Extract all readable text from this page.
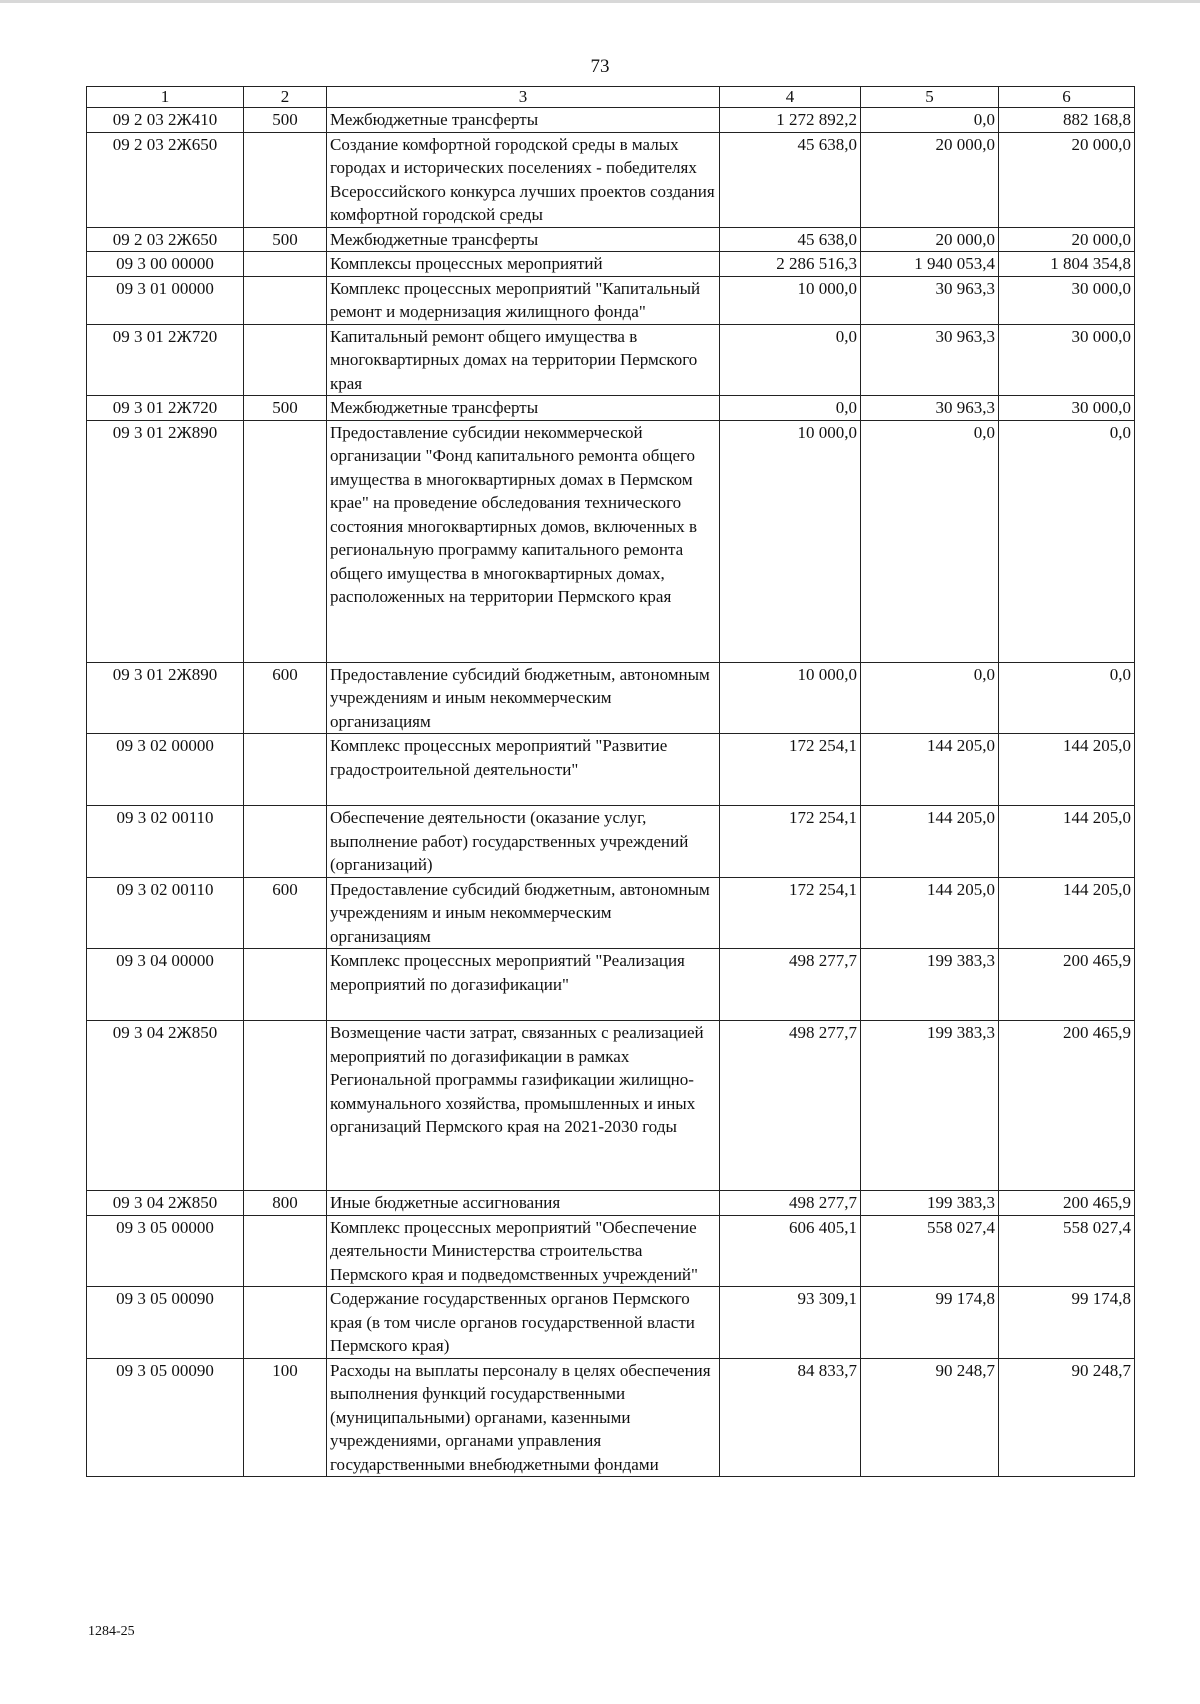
73
1	2	3	4	5	6
09 2 03 2Ж410	500	Межбюджетные трансферты	1 272 892,2	0,0	882 168,8
09 2 03 2Ж650		Создание комфортной городской среды в малых городах и исторических поселениях - победителях Всероссийского конкурса лучших проектов создания комфортной городской среды	45 638,0	20 000,0	20 000,0
09 2 03 2Ж650	500	Межбюджетные трансферты	45 638,0	20 000,0	20 000,0
09 3 00 00000		Комплексы процессных мероприятий	2 286 516,3	1 940 053,4	1 804 354,8
09 3 01 00000		Комплекс процессных мероприятий "Капитальный ремонт и модернизация жилищного фонда"	10 000,0	30 963,3	30 000,0
09 3 01 2Ж720		Капитальный ремонт общего имущества в многоквартирных домах на территории Пермского края	0,0	30 963,3	30 000,0
09 3 01 2Ж720	500	Межбюджетные трансферты	0,0	30 963,3	30 000,0
09 3 01 2Ж890		Предоставление субсидии некоммерческой организации "Фонд капитального ремонта общего имущества в многоквартирных домах в Пермском крае" на проведение обследования технического состояния многоквартирных домов, включенных в региональную программу капитального ремонта общего имущества в многоквартирных домах, расположенных на территории Пермского края	10 000,0	0,0	0,0
09 3 01 2Ж890	600	Предоставление субсидий бюджетным, автономным учреждениям и иным некоммерческим организациям	10 000,0	0,0	0,0
09 3 02 00000		Комплекс процессных мероприятий "Развитие градостроительной деятельности"	172 254,1	144 205,0	144 205,0
09 3 02 00110		Обеспечение деятельности (оказание услуг, выполнение работ) государственных учреждений (организаций)	172 254,1	144 205,0	144 205,0
09 3 02 00110	600	Предоставление субсидий бюджетным, автономным учреждениям и иным некоммерческим организациям	172 254,1	144 205,0	144 205,0
09 3 04 00000		Комплекс процессных мероприятий "Реализация мероприятий по догазификации"	498 277,7	199 383,3	200 465,9
09 3 04 2Ж850		Возмещение части затрат, связанных с реализацией мероприятий по догазификации в рамках Региональной программы газификации жилищно-коммунального хозяйства, промышленных и иных организаций Пермского края на 2021-2030 годы	498 277,7	199 383,3	200 465,9
09 3 04 2Ж850	800	Иные бюджетные ассигнования	498 277,7	199 383,3	200 465,9
09 3 05 00000		Комплекс процессных мероприятий "Обеспечение деятельности Министерства строительства Пермского края и подведомственных учреждений"	606 405,1	558 027,4	558 027,4
09 3 05 00090		Содержание государственных органов Пермского края (в том числе органов государственной власти Пермского края)	93 309,1	99 174,8	99 174,8
09 3 05 00090	100	Расходы на выплаты персоналу в целях обеспечения выполнения функций государственными (муниципальными) органами, казенными учреждениями, органами управления государственными внебюджетными фондами	84 833,7	90 248,7	90 248,7
1284-25
